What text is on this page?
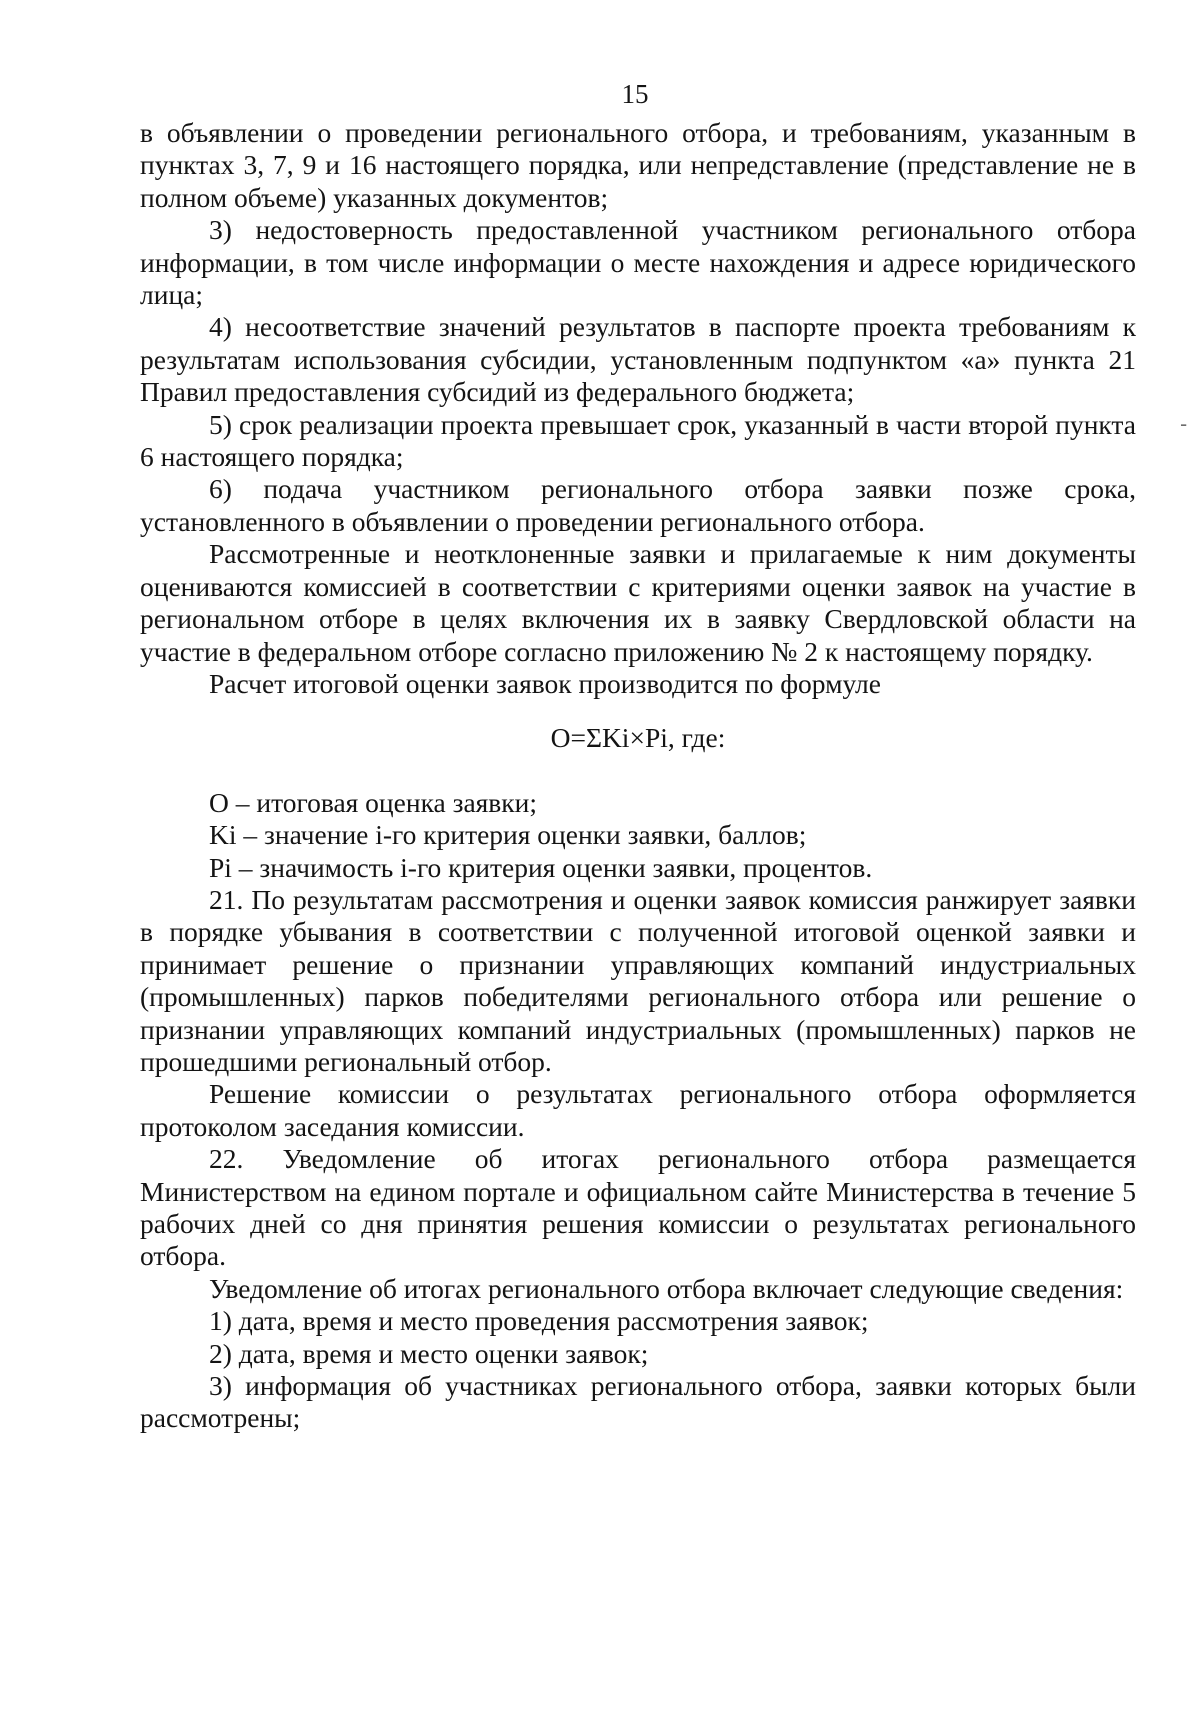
15

в объявлении о проведении регионального отбора, и требованиям, указанным в пунктах 3, 7, 9 и 16 настоящего порядка, или непредставление (представление не в полном объеме) указанных документов;

3) недостоверность предоставленной участником регионального отбора информации, в том числе информации о месте нахождения и адресе юридического лица;

4) несоответствие значений результатов в паспорте проекта требованиям к результатам использования субсидии, установленным подпунктом «а» пункта 21 Правил предоставления субсидий из федерального бюджета;

5) срок реализации проекта превышает срок, указанный в части второй пункта 6 настоящего порядка;

6) подача участником регионального отбора заявки позже срока, установленного в объявлении о проведении регионального отбора.

Рассмотренные и неотклоненные заявки и прилагаемые к ним документы оцениваются комиссией в соответствии с критериями оценки заявок на участие в региональном отборе в целях включения их в заявку Свердловской области на участие в федеральном отборе согласно приложению № 2 к настоящему порядку.

Расчет итоговой оценки заявок производится по формуле

O=ΣKi×Pi, где:

O – итоговая оценка заявки;

Ki – значение i-го критерия оценки заявки, баллов;

Pi – значимость i-го критерия оценки заявки, процентов.

21. По результатам рассмотрения и оценки заявок комиссия ранжирует заявки в порядке убывания в соответствии с полученной итоговой оценкой заявки и принимает решение о признании управляющих компаний индустриальных (промышленных) парков победителями регионального отбора или решение о признании управляющих компаний индустриальных (промышленных) парков не прошедшими региональный отбор.

Решение комиссии о результатах регионального отбора оформляется протоколом заседания комиссии.

22. Уведомление об итогах регионального отбора размещается Министерством на едином портале и официальном сайте Министерства в течение 5 рабочих дней со дня принятия решения комиссии о результатах регионального отбора.

Уведомление об итогах регионального отбора включает следующие сведения:

1) дата, время и место проведения рассмотрения заявок;

2) дата, время и место оценки заявок;

3) информация об участниках регионального отбора, заявки которых были рассмотрены;

-
